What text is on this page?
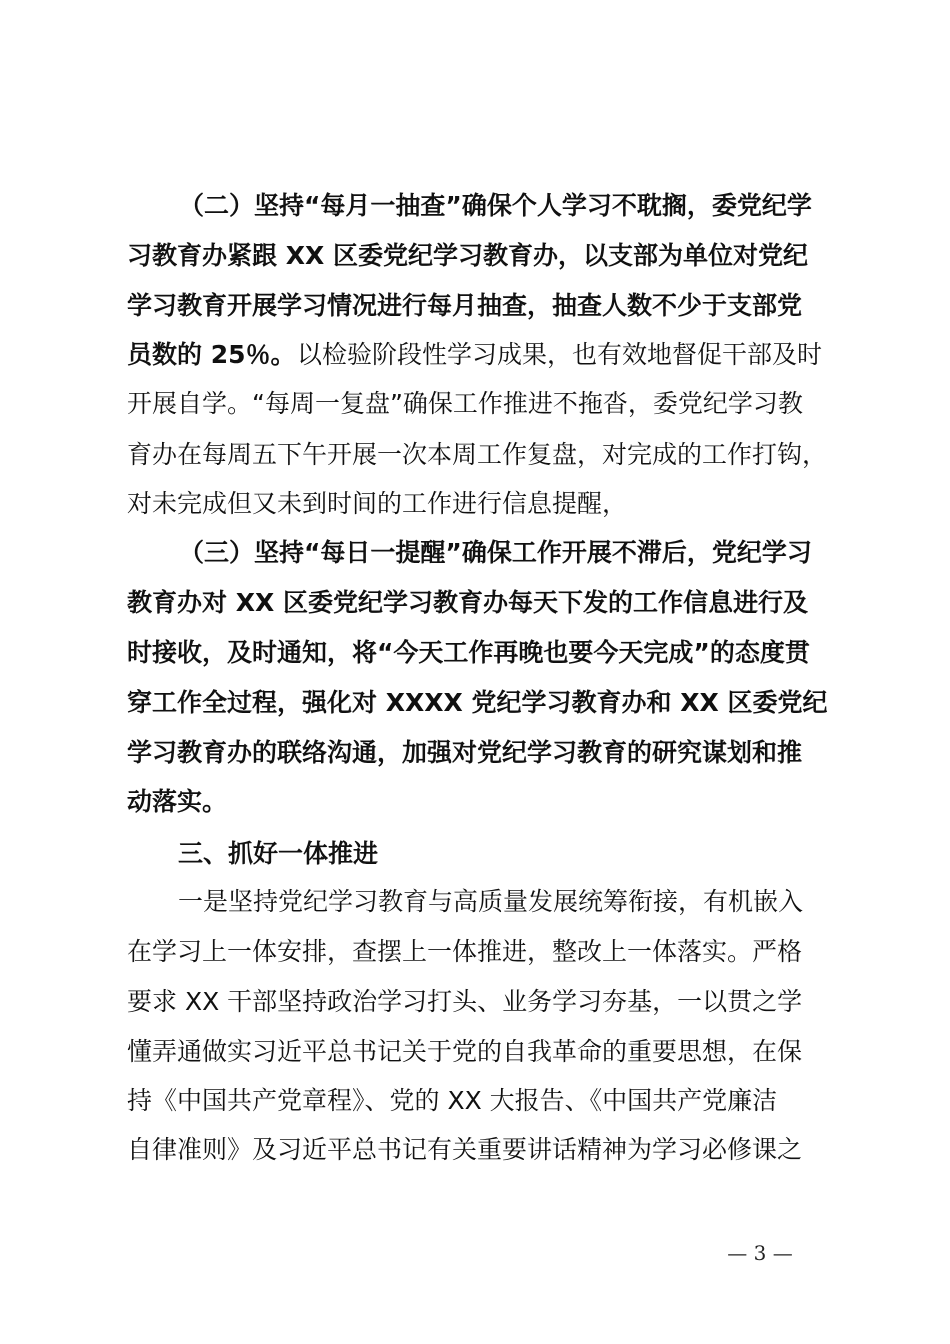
（二）坚持“每月一抽查”确保个人学习不耽搁，委党纪学
习教育办紧跟 XX 区委党纪学习教育办，以支部为单位对党纪
学习教育开展学习情况进行每月抽查，抽查人数不少于支部党
员数的 25％。 以检验阶段性学习成果，也有效地督促干部及时
开展自学。“每周一复盘”确保工作推进不拖沓，委党纪学习教
育办在每周五下午开展一次本周工作复盘，对完成的工作打钩，
对未完成但又未到时间的工作进行信息提醒，
（三）坚持“每日一提醒”确保工作开展不滞后，党纪学习
教育办对 XX 区委党纪学习教育办每天下发的工作信息进行及
时接收，及时通知，将“今天工作再晚也要今天完成”的态度贯
穿工作全过程，强化对 XXXX 党纪学习教育办和 XX 区委党纪
学习教育办的联络沟通，加强对党纪学习教育的研究谋划和推
动落实。
三、抓好一体推进
一是坚持党纪学习教育与高质量发展统筹衔接，有机嵌入
在学习上一体安排，查摆上一体推进，整改上一体落实。严格
要求 XX 干部坚持政治学习打头、业务学习夯基，一以贯之学
懂弄通做实习近平总书记关于党的自我革命的重要思想，在保
持《中国共产党章程》、党的 XX 大报告、《中国共产党廉洁
自律准则》及习近平总书记有关重要讲话精神为学习必修课之
— 3 —
